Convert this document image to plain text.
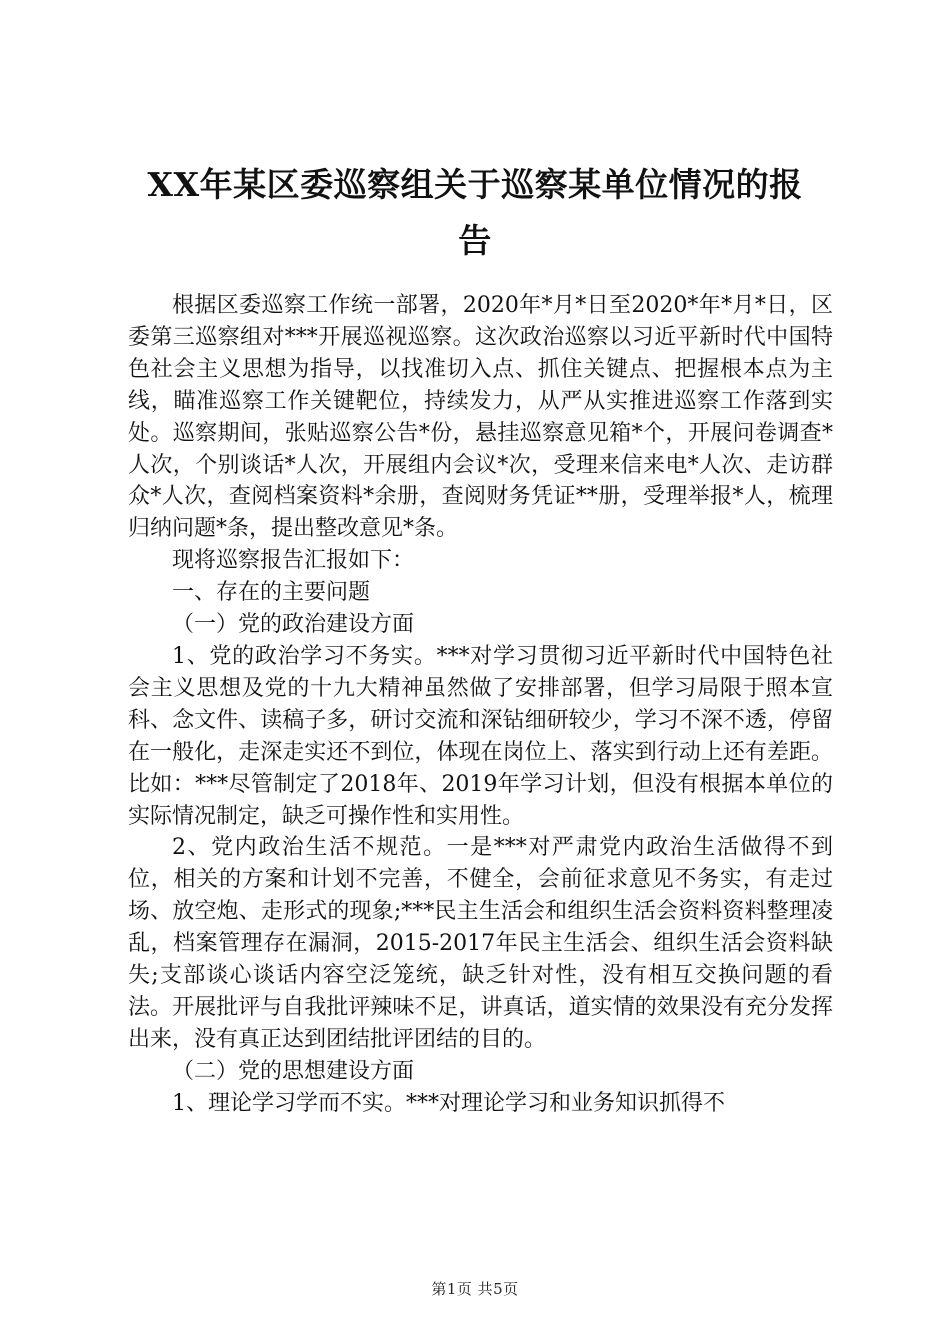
XX年某区委巡察组关于巡察某单位情况的报
告

根据区委巡察工作统一部署，2020年*月*日至2020*年*月*日，区委第三巡察组对***开展巡视巡察。这次政治巡察以习近平新时代中国特色社会主义思想为指导，以找准切入点、抓住关键点、把握根本点为主线，瞄准巡察工作关键靶位，持续发力，从严从实推进巡察工作落到实处。巡察期间，张贴巡察公告*份，悬挂巡察意见箱*个，开展问卷调查*人次，个别谈话*人次，开展组内会议*次，受理来信来电*人次、走访群众*人次，查阅档案资料*余册，查阅财务凭证**册，受理举报*人，梳理归纳问题*条，提出整改意见*条。

现将巡察报告汇报如下：

一、存在的主要问题

（一）党的政治建设方面

1、党的政治学习不务实。***对学习贯彻习近平新时代中国特色社会主义思想及党的十九大精神虽然做了安排部署，但学习局限于照本宣科、念文件、读稿子多，研讨交流和深钻细研较少，学习不深不透，停留在一般化，走深走实还不到位，体现在岗位上、落实到行动上还有差距。比如：***尽管制定了2018年、2019年学习计划，但没有根据本单位的实际情况制定，缺乏可操作性和实用性。

2、党内政治生活不规范。一是***对严肃党内政治生活做得不到位，相关的方案和计划不完善，不健全，会前征求意见不务实，有走过场、放空炮、走形式的现象;***民主生活会和组织生活会资料资料整理凌乱，档案管理存在漏洞，2015-2017年民主生活会、组织生活会资料缺失;支部谈心谈话内容空泛笼统，缺乏针对性，没有相互交换问题的看法。开展批评与自我批评辣味不足，讲真话，道实情的效果没有充分发挥出来，没有真正达到团结批评团结的目的。

（二）党的思想建设方面

1、理论学习学而不实。***对理论学习和业务知识抓得不

第1页 共5页
